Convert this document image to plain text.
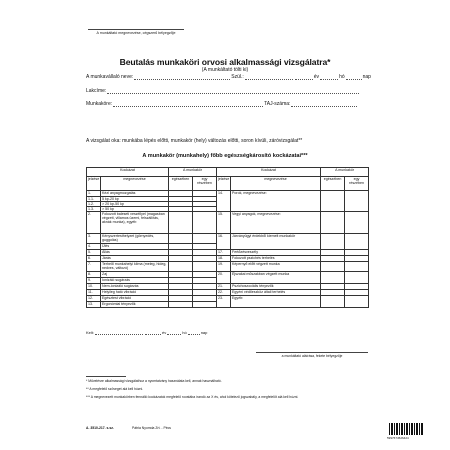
A munkáltató megnevezése, cégszerű bélyegzője
Beutalás munkaköri orvosi alkalmassági vizsgálatra*
(A munkáltató tölti ki)
A munkavállaló neve:	Szül.:	év	hó	nap
Lakcíme:
Munkaköre:	TAJ-száma:
A vizsgálat oka: munkába lépés előtti, munkakör (hely) változás előtti, soron kívüli, záróvizsgálat**
A munkakör (munkahely) főbb egészségkárosító kockázatai***
Kockázat		A munkakör		Kockázat		A munkakör	
jelzése	megnevezése	egészében	egy részében	jelzése	megnevezése	egészében	egy részében
1.	Kézi anyagmozgatás			14.	Porok, megnevezése:		
1.1.	5 kp-20 kp						
1.2.	> 20 kp-50 kp						
1.3.	> 50 kp						
2.	Fokozott baleseti veszéllyel (magasban végzett, villamos üzemi, felszállítás, aknák munka), egyéb			15.	Vegyi anyagok, megnevezése:		
3.	Kényszertesthelyzet (görnyedés, guggolás)			16.	Járványügyi érdekből kiemelt munkakör		
4.	Ülés						
5.	Állás			17.	Fertőzésveszély		
6.	Járás			18.	Fokozott pszichés terhelés		
7.	Terhelő munkahelyi klíma (meleg, hideg, nedves, változó)			19.	Képernyő előtt végzett munka		
8.	Zaj			20.	Éjszakai műszakban végzett munka		
9.	Ionizáló sugárzás						
10.	Nem-ionizáló sugárzás			21.	Pszichoszociális tényezők		
11.	Helyileg ható vibráció			22.	Egyéni védőeszköz általi terhelés		
12.	Egésztest vibráció			23.	Egyéb:		
13.	Ergonómiai tényezők						
Kelt:	év	hó	nap
a munkáltató aláírása, fekete bélyegzője
* Művelésre alkalmassági vizsgálathoz a nyomtatvány használata kell, annak használható.
** A megfelelő szöveget alá kell húzni.
*** A megnevezett munkakörben fennálló kockázatok megfelelő rovatába írandó az X és, ahol kötelező jogszabály, a megfelelőt alá kell húzni.
A. 3510-217. s.sz.	Pátria Nyomda Zrt. - Pécs
5997674526424
